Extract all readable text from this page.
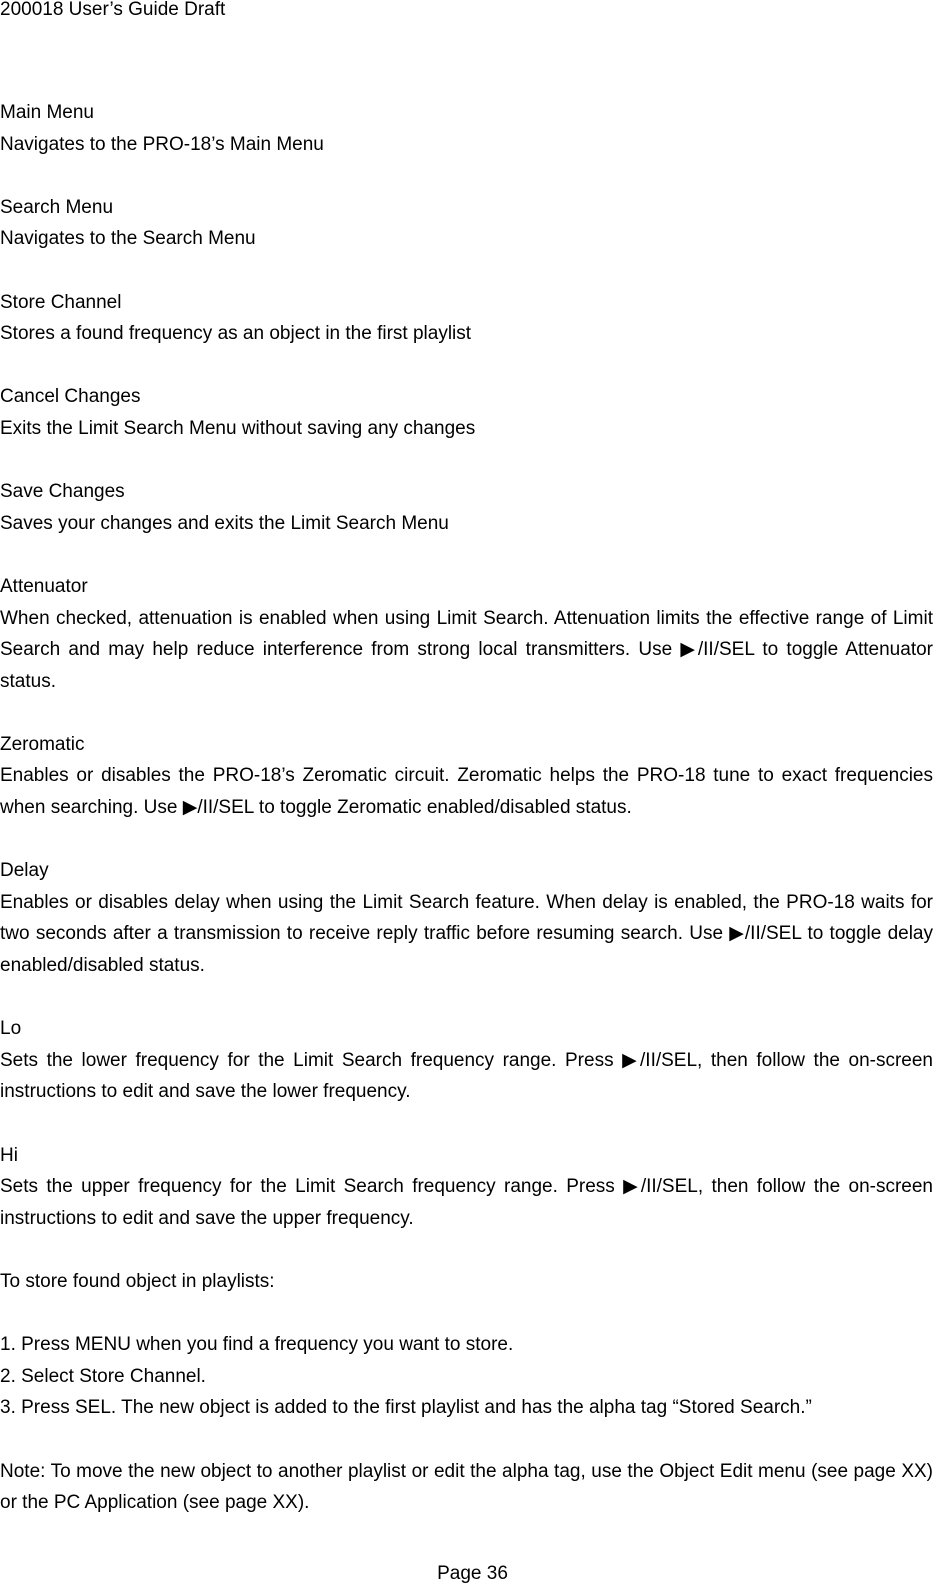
200018 User’s Guide Draft

Main Menu

Navigates to the PRO-18’s Main Menu

Search Menu

Navigates to the Search Menu

Store Channel

Stores a found frequency as an object in the first playlist

Cancel Changes

Exits the Limit Search Menu without saving any changes

Save Changes

Saves your changes and exits the Limit Search Menu

Attenuator

When checked, attenuation is enabled when using Limit Search. Attenuation limits the effective range of Limit Search and may help reduce interference from strong local transmitters. Use ▶/II/SEL to toggle Attenuator status.

Zeromatic

Enables or disables the PRO-18’s Zeromatic circuit. Zeromatic helps the PRO-18 tune to exact frequencies when searching. Use ▶/II/SEL to toggle Zeromatic enabled/disabled status.

Delay

Enables or disables delay when using the Limit Search feature. When delay is enabled, the PRO-18 waits for two seconds after a transmission to receive reply traffic before resuming search. Use ▶/II/SEL to toggle delay enabled/disabled status.

Lo

Sets the lower frequency for the Limit Search frequency range. Press ▶/II/SEL, then follow the on-screen instructions to edit and save the lower frequency.

Hi

Sets the upper frequency for the Limit Search frequency range. Press ▶/II/SEL, then follow the on-screen instructions to edit and save the upper frequency.

To store found object in playlists:

1. Press MENU when you find a frequency you want to store.

2. Select Store Channel.

3. Press SEL. The new object is added to the first playlist and has the alpha tag “Stored Search.”

Note: To move the new object to another playlist or edit the alpha tag, use the Object Edit menu (see page XX) or the PC Application (see page XX).

Page 36
